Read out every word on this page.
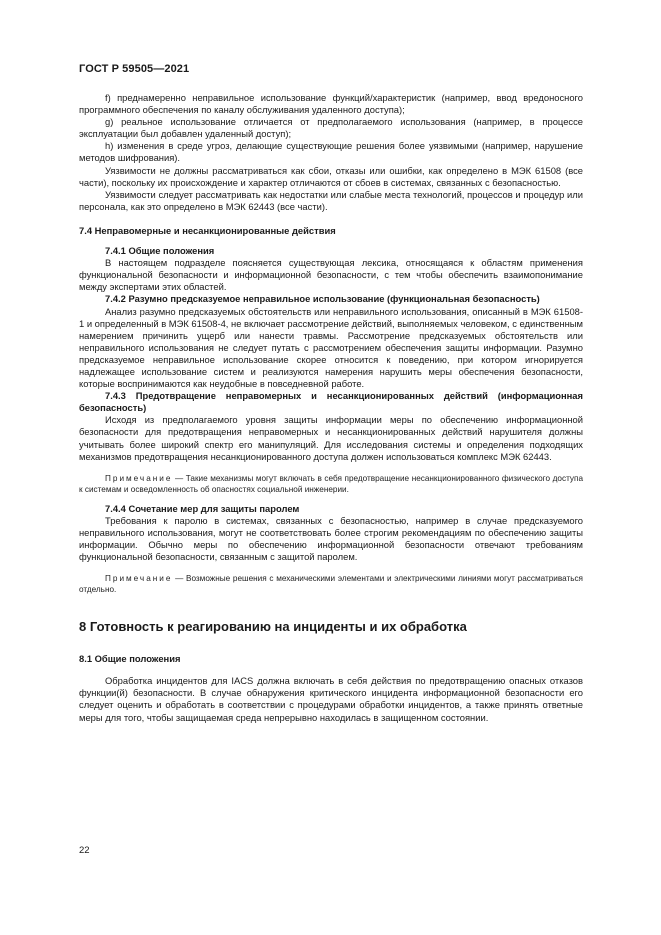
ГОСТ Р 59505—2021

f) преднамеренно неправильное использование функций/характеристик (например, ввод вредоносного программного обеспечения по каналу обслуживания удаленного доступа);

g) реальное использование отличается от предполагаемого использования (например, в процессе эксплуатации был добавлен удаленный доступ);

h) изменения в среде угроз, делающие существующие решения более уязвимыми (например, нарушение методов шифрования).

Уязвимости не должны рассматриваться как сбои, отказы или ошибки, как определено в МЭК 61508 (все части), поскольку их происхождение и характер отличаются от сбоев в системах, связанных с безопасностью.

Уязвимости следует рассматривать как недостатки или слабые места технологий, процессов и процедур или персонала, как это определено в МЭК 62443 (все части).

7.4 Неправомерные и несанкционированные действия
7.4.1 Общие положения

В настоящем подразделе поясняется существующая лексика, относящаяся к областям применения функциональной безопасности и информационной безопасности, с тем чтобы обеспечить взаимопонимание между экспертами этих областей.

7.4.2 Разумно предсказуемое неправильное использование (функциональная безопасность)

Анализ разумно предсказуемых обстоятельств или неправильного использования, описанный в МЭК 61508-1 и определенный в МЭК 61508-4, не включает рассмотрение действий, выполняемых человеком, с единственным намерением причинить ущерб или нанести травмы. Рассмотрение предсказуемых обстоятельств или неправильного использования не следует путать с рассмотрением обеспечения защиты информации. Разумно предсказуемое неправильное использование скорее относится к поведению, при котором игнорируется надлежащее использование систем и реализуются намерения нарушить меры обеспечения безопасности, которые воспринимаются как неудобные в повседневной работе.

7.4.3 Предотвращение неправомерных и несанкционированных действий (информационная безопасность)

Исходя из предполагаемого уровня защиты информации меры по обеспечению информационной безопасности для предотвращения неправомерных и несанкционированных действий нарушителя должны учитывать более широкий спектр его манипуляций. Для исследования системы и определения подходящих механизмов предотвращения несанкционированного доступа должен использоваться комплекс МЭК 62443.

Примечание — Такие механизмы могут включать в себя предотвращение несанкционированного физического доступа к системам и осведомленность об опасностях социальной инженерии.
7.4.4 Сочетание мер для защиты паролем

Требования к паролю в системах, связанных с безопасностью, например в случае предсказуемого неправильного использования, могут не соответствовать более строгим рекомендациям по обеспечению защиты информации. Обычно меры по обеспечению информационной безопасности отвечают требованиям функциональной безопасности, связанным с защитой паролем.

Примечание — Возможные решения с механическими элементами и электрическими линиями могут рассматриваться отдельно.
8 Готовность к реагированию на инциденты и их обработка
8.1 Общие положения

Обработка инцидентов для IACS должна включать в себя действия по предотвращению опасных отказов функции(й) безопасности. В случае обнаружения критического инцидента информационной безопасности его следует оценить и обработать в соответствии с процедурами обработки инцидентов, а также принять ответные меры для того, чтобы защищаемая среда непрерывно находилась в защищенном состоянии.

22
